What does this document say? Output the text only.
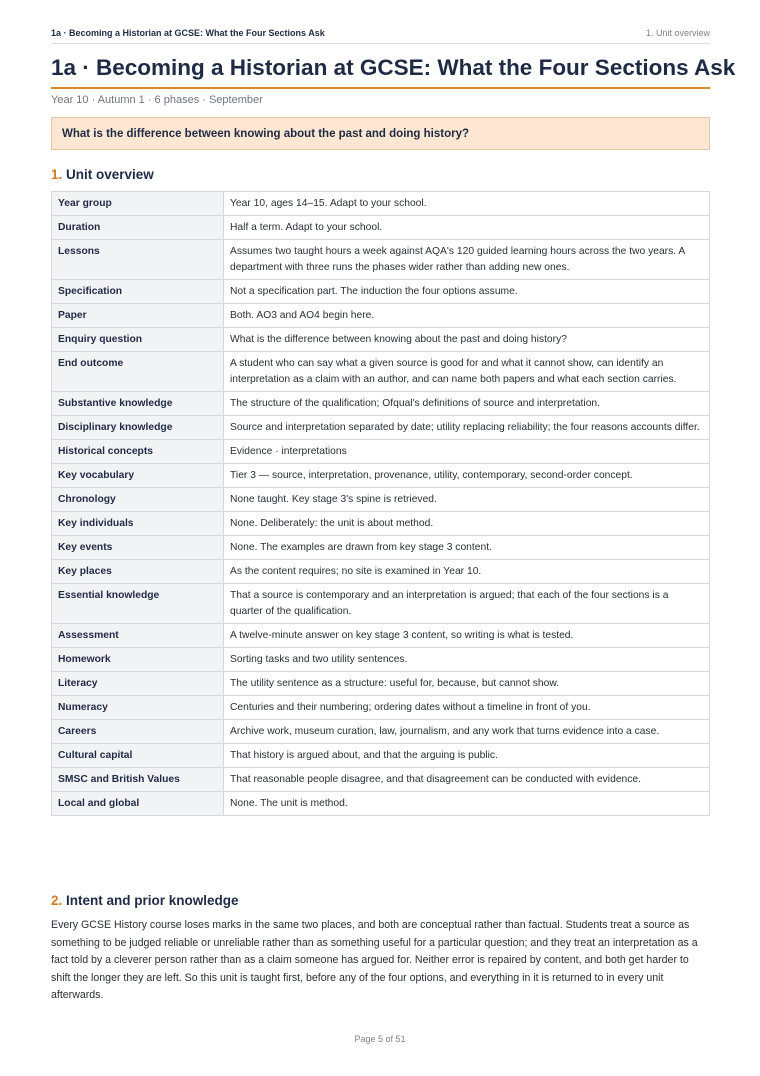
1a · Becoming a Historian at GCSE: What the Four Sections Ask	1. Unit overview
1a · Becoming a Historian at GCSE: What the Four Sections Ask
Year 10 · Autumn 1 · 6 phases · September
What is the difference between knowing about the past and doing history?
1. Unit overview
Year group	Year 10, ages 14–15. Adapt to your school.
Duration	Half a term. Adapt to your school.
Lessons	Assumes two taught hours a week against AQA's 120 guided learning hours across the two years. A department with three runs the phases wider rather than adding new ones.
Specification	Not a specification part. The induction the four options assume.
Paper	Both. AO3 and AO4 begin here.
Enquiry question	What is the difference between knowing about the past and doing history?
End outcome	A student who can say what a given source is good for and what it cannot show, can identify an interpretation as a claim with an author, and can name both papers and what each section carries.
Substantive knowledge	The structure of the qualification; Ofqual's definitions of source and interpretation.
Disciplinary knowledge	Source and interpretation separated by date; utility replacing reliability; the four reasons accounts differ.
Historical concepts	Evidence · interpretations
Key vocabulary	Tier 3 — source, interpretation, provenance, utility, contemporary, second-order concept.
Chronology	None taught. Key stage 3's spine is retrieved.
Key individuals	None. Deliberately: the unit is about method.
Key events	None. The examples are drawn from key stage 3 content.
Key places	As the content requires; no site is examined in Year 10.
Essential knowledge	That a source is contemporary and an interpretation is argued; that each of the four sections is a quarter of the qualification.
Assessment	A twelve-minute answer on key stage 3 content, so writing is what is tested.
Homework	Sorting tasks and two utility sentences.
Literacy	The utility sentence as a structure: useful for, because, but cannot show.
Numeracy	Centuries and their numbering; ordering dates without a timeline in front of you.
Careers	Archive work, museum curation, law, journalism, and any work that turns evidence into a case.
Cultural capital	That history is argued about, and that the arguing is public.
SMSC and British Values	That reasonable people disagree, and that disagreement can be conducted with evidence.
Local and global	None. The unit is method.
2. Intent and prior knowledge

Every GCSE History course loses marks in the same two places, and both are conceptual rather than factual. Students treat a source as something to be judged reliable or unreliable rather than as something useful for a particular question; and they treat an interpretation as a fact told by a cleverer person rather than as a claim someone has argued for. Neither error is repaired by content, and both get harder to shift the longer they are left. So this unit is taught first, before any of the four options, and everything in it is returned to in every unit afterwards.

Page 5 of 51
